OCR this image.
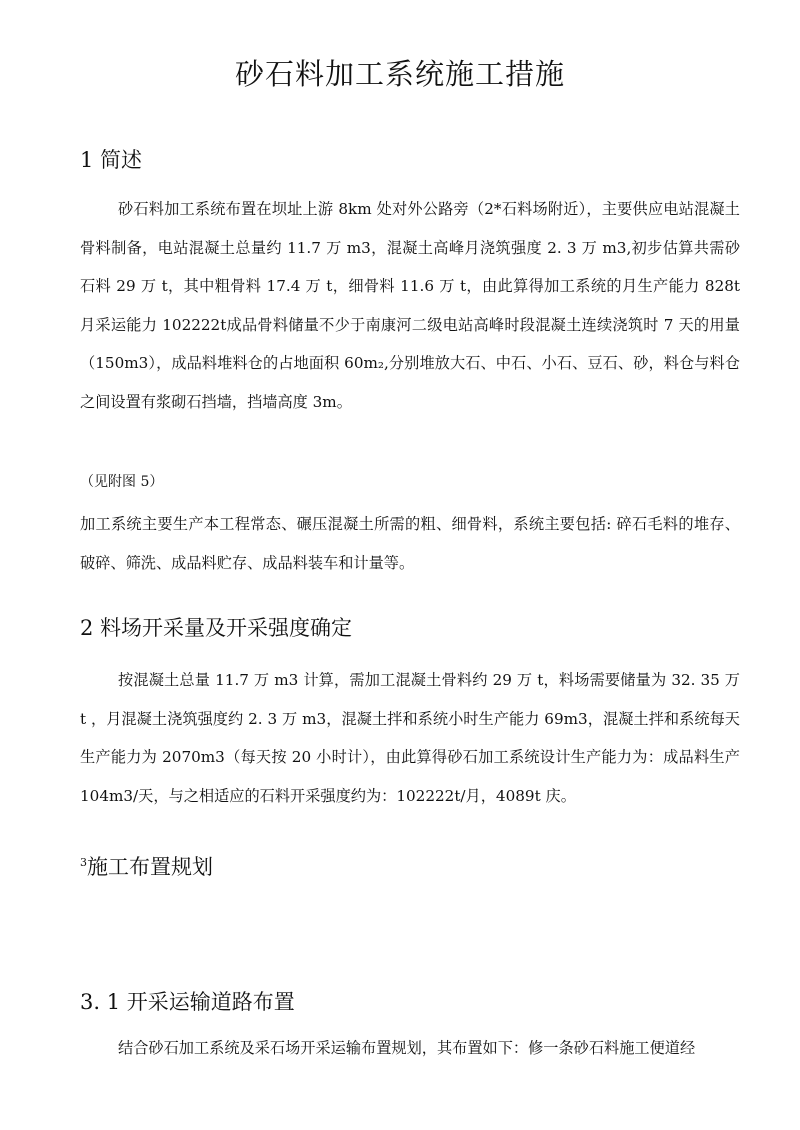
砂石料加工系统施工措施
1 简述
砂石料加工系统布置在坝址上游 8km 处对外公路旁（2*石料场附近），主要供应电站混凝土骨料制备，电站混凝土总量约 11.7 万 m3，混凝土高峰月浇筑强度 2. 3 万 m3,初步估算共需砂石料 29 万 t，其中粗骨料 17.4 万 t，细骨料 11.6 万 t，由此算得加工系统的月生产能力 828t 月采运能力 102222t成品骨料储量不少于南康河二级电站高峰时段混凝土连续浇筑时 7 天的用量（150m3），成品料堆料仓的占地面积 60m₂,分别堆放大石、中石、小石、豆石、砂，料仓与料仓之间设置有浆砌石挡墙，挡墙高度 3m。
（见附图 5）
加工系统主要生产本工程常态、碾压混凝土所需的粗、细骨料，系统主要包括: 碎石毛料的堆存、破碎、筛洗、成品料贮存、成品料装车和计量等。
2 料场开采量及开采强度确定
按混凝土总量 11.7 万 m3 计算，需加工混凝土骨料约 29 万 t，料场需要储量为 32. 35 万 t ，月混凝土浇筑强度约 2. 3 万 m3，混凝土拌和系统小时生产能力 69m3，混凝土拌和系统每天生产能力为 2070m3（每天按 20 小时计），由此算得砂石加工系统设计生产能力为：成品料生产 104m3/天，与之相适应的石料开采强度约为：102222t/月，4089t 庆。
$^3$施工布置规划
3. 1 开采运输道路布置
结合砂石加工系统及采石场开采运输布置规划，其布置如下：修一条砂石料施工便道经
